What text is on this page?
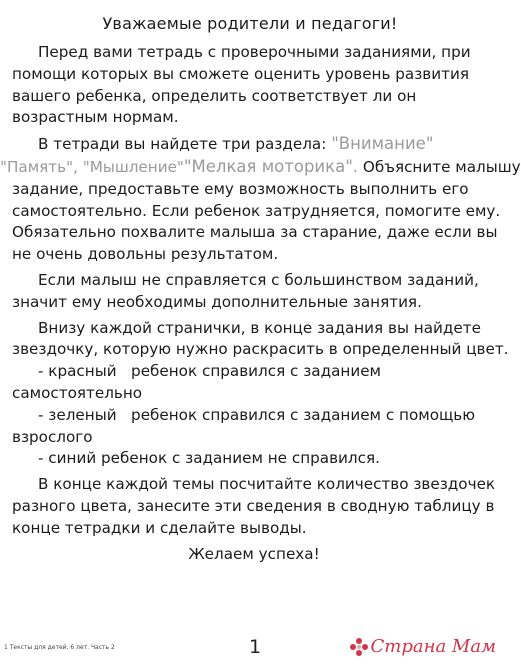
Уважаемые родители и педагоги!
Перед вами тетрадь с проверочными заданиями, при
помощи которых вы сможете оценить уровень развития
вашего ребенка, определить соответствует ли он
возрастным нормам.
В тетради вы найдете три раздела: "Внимание"
"Память", "Мышление""Мелкая моторика". Объясните малышу
задание, предоставьте ему возможность выполнить его
самостоятельно. Если ребенок затрудняется, помогите ему.
Обязательно похвалите малыша за старание, даже если вы
не очень довольны результатом.
Если малыш не справляется с большинством заданий,
значит ему необходимы дополнительные занятия.
Внизу каждой странички, в конце задания вы найдете
звездочку, которую нужно раскрасить в определенный цвет.
- красный   ребенок справился с заданием
самостоятельно
- зеленый   ребенок справился с заданием с помощью
взрослого
- синий ребенок с заданием не справился.
В конце каждой темы посчитайте количество звездочек
разного цвета, занесите эти сведения в сводную таблицу в
конце тетрадки и сделайте выводы.
Желаем успеха!
1 Тексты для детей. 6 лет. Часть 2	1	Страна Мам
